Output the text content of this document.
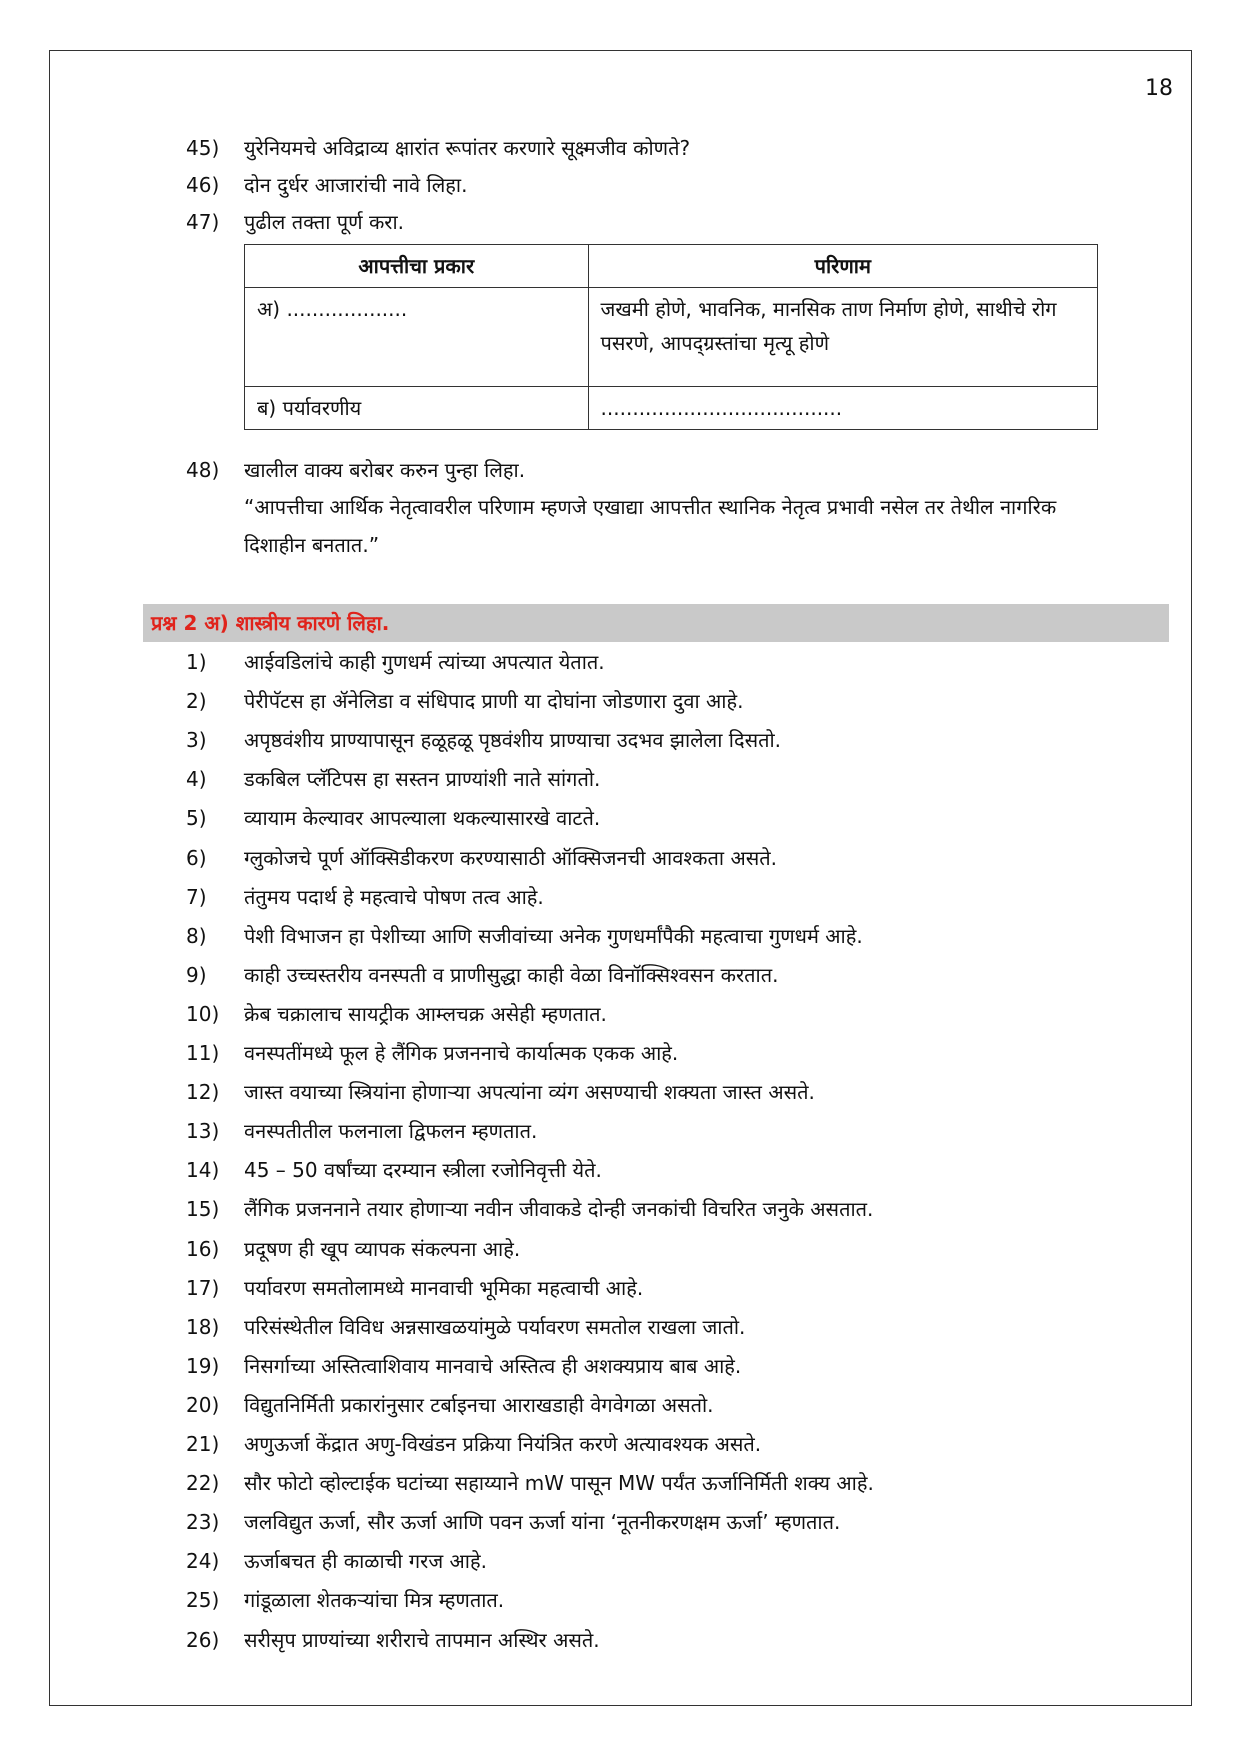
18
45)	युरेनियमचे अविद्राव्य क्षारांत रूपांतर करणारे सूक्ष्मजीव कोणते?
46)	दोन दुर्धर आजारांची नावे लिहा.
47)	पुढील तक्ता पूर्ण करा.
आपत्तीचा प्रकार	परिणाम
अ) ...................	जखमी होणे, भावनिक, मानसिक ताण निर्माण होणे, साथीचे रोग पसरणे, आपद्ग्रस्तांचा मृत्यू होणे
ब) पर्यावरणीय	......................................
48)	खालील वाक्य बरोबर करुन पुन्हा लिहा.
“आपत्तीचा आर्थिक नेतृत्वावरील परिणाम म्हणजे एखाद्या आपत्तीत स्थानिक नेतृत्व प्रभावी नसेल तर तेथील नागरिक दिशाहीन बनतात.”
प्रश्न 2 अ) शास्त्रीय कारणे लिहा.
1)	आईवडिलांचे काही गुणधर्म त्यांच्या अपत्यात येतात.
2)	पेरीपॅटस हा ॲनेलिडा व संधिपाद प्राणी या दोघांना जोडणारा दुवा आहे.
3)	अपृष्ठवंशीय प्राण्यापासून हळूहळू पृष्ठवंशीय प्राण्याचा उदभव झालेला दिसतो.
4)	डकबिल प्लॅटिपस हा सस्तन प्राण्यांशी नाते सांगतो.
5)	व्यायाम केल्यावर आपल्याला थकल्यासारखे वाटते.
6)	ग्लुकोजचे पूर्ण ऑक्सिडीकरण करण्यासाठी ऑक्सिजनची आवश्कता असते.
7)	तंतुमय पदार्थ हे महत्वाचे पोषण तत्व आहे.
8)	पेशी विभाजन हा पेशीच्या आणि सजीवांच्या अनेक गुणधर्मांपैकी महत्वाचा गुणधर्म आहे.
9)	काही उच्चस्तरीय वनस्पती व प्राणीसुद्धा काही वेळा विनॉक्सिश्वसन करतात.
10)	क्रेब चक्रालाच सायट्रीक आम्लचक्र असेही म्हणतात.
11)	वनस्पतींमध्ये फूल हे लैंगिक प्रजननाचे कार्यात्मक एकक आहे.
12)	जास्त वयाच्या स्त्रियांना होणाऱ्या अपत्यांना व्यंग असण्याची शक्यता जास्त असते.
13)	वनस्पतीतील फलनाला द्विफलन म्हणतात.
14)	45 – 50 वर्षांच्या दरम्यान स्त्रीला रजोनिवृत्ती येते.
15)	लैंगिक प्रजननाने तयार होणाऱ्या नवीन जीवाकडे दोन्ही जनकांची विचरित जनुके असतात.
16)	प्रदूषण ही खूप व्यापक संकल्पना आहे.
17)	पर्यावरण समतोलामध्ये मानवाची भूमिका महत्वाची आहे.
18)	परिसंस्थेतील विविध अन्नसाखळयांमुळे पर्यावरण समतोल राखला जातो.
19)	निसर्गाच्या अस्तित्वाशिवाय मानवाचे अस्तित्व ही अशक्यप्राय बाब आहे.
20)	विद्युतनिर्मिती प्रकारांनुसार टर्बाइनचा आराखडाही वेगवेगळा असतो.
21)	अणुऊर्जा केंद्रात अणु-विखंडन प्रक्रिया नियंत्रित करणे अत्यावश्यक असते.
22)	सौर फोटो व्होल्टाईक घटांच्या सहाय्याने mW पासून MW पर्यंत ऊर्जानिर्मिती शक्य आहे.
23)	जलविद्युत ऊर्जा, सौर ऊर्जा आणि पवन ऊर्जा यांना ‘नूतनीकरणक्षम ऊर्जा’ म्हणतात.
24)	ऊर्जाबचत ही काळाची गरज आहे.
25)	गांडूळाला शेतकऱ्यांचा मित्र म्हणतात.
26)	सरीसृप प्राण्यांच्या शरीराचे तापमान अस्थिर असते.
